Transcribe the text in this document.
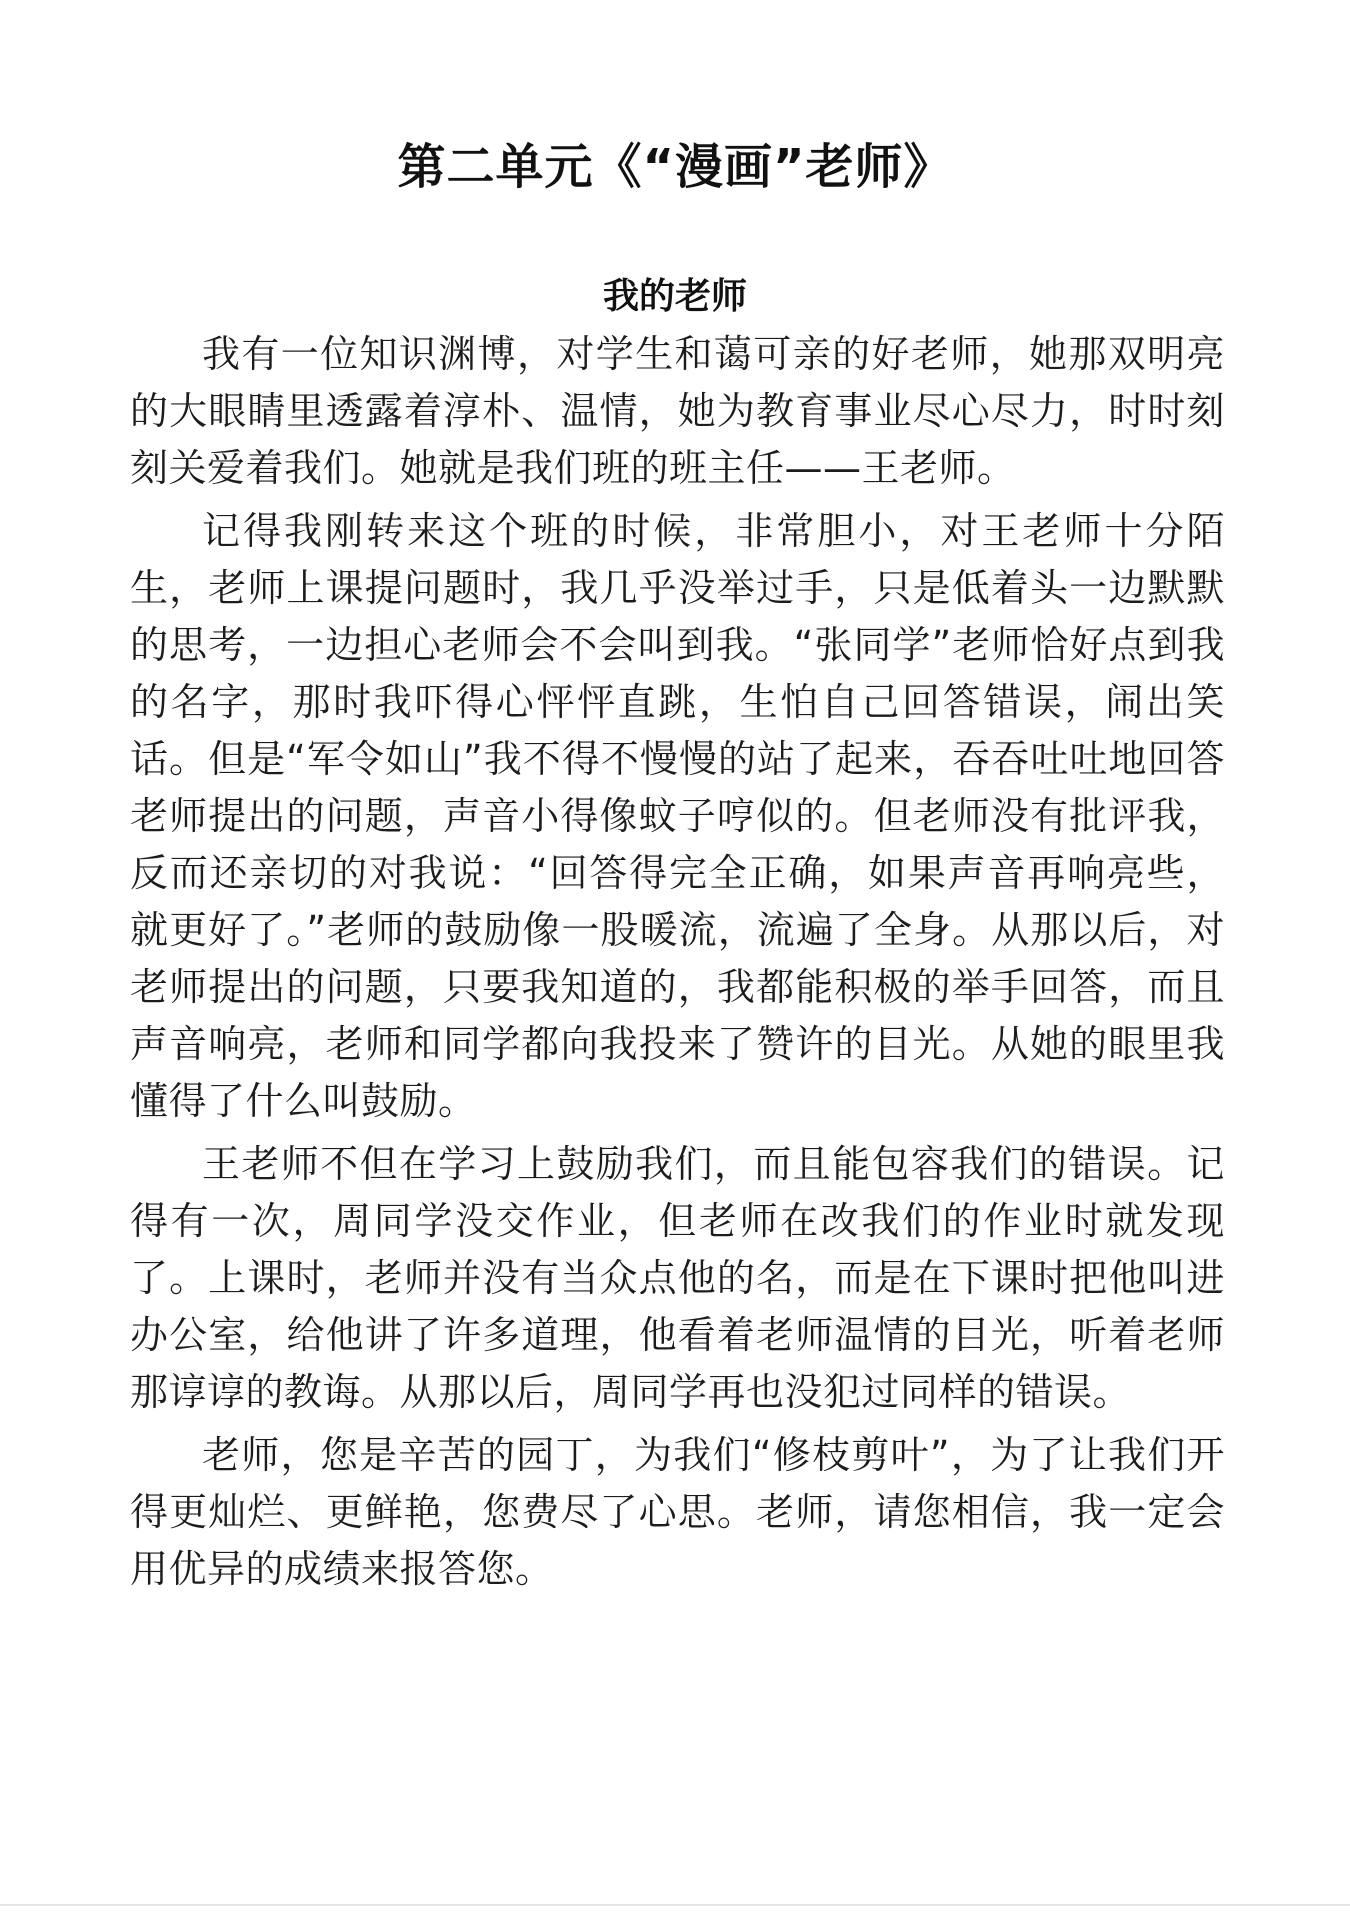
第二单元《“漫画”老师》
我的老师

我有一位知识渊博，对学生和蔼可亲的好老师，她那双明亮的大眼睛里透露着淳朴、温情，她为教育事业尽心尽力，时时刻刻关爱着我们。她就是我们班的班主任——王老师。

记得我刚转来这个班的时候，非常胆小，对王老师十分陌生，老师上课提问题时，我几乎没举过手，只是低着头一边默默的思考，一边担心老师会不会叫到我。“张同学”老师恰好点到我的名字，那时我吓得心怦怦直跳，生怕自己回答错误，闹出笑话。但是“军令如山”我不得不慢慢的站了起来，吞吞吐吐地回答老师提出的问题，声音小得像蚊子哼似的。但老师没有批评我，反而还亲切的对我说：“回答得完全正确，如果声音再响亮些，就更好了。”老师的鼓励像一股暖流，流遍了全身。从那以后，对老师提出的问题，只要我知道的，我都能积极的举手回答，而且声音响亮，老师和同学都向我投来了赞许的目光。从她的眼里我懂得了什么叫鼓励。

王老师不但在学习上鼓励我们，而且能包容我们的错误。记得有一次，周同学没交作业，但老师在改我们的作业时就发现了。上课时，老师并没有当众点他的名，而是在下课时把他叫进办公室，给他讲了许多道理，他看着老师温情的目光，听着老师那谆谆的教诲。从那以后，周同学再也没犯过同样的错误。

老师，您是辛苦的园丁，为我们“修枝剪叶”，为了让我们开得更灿烂、更鲜艳，您费尽了心思。老师，请您相信，我一定会用优异的成绩来报答您。
